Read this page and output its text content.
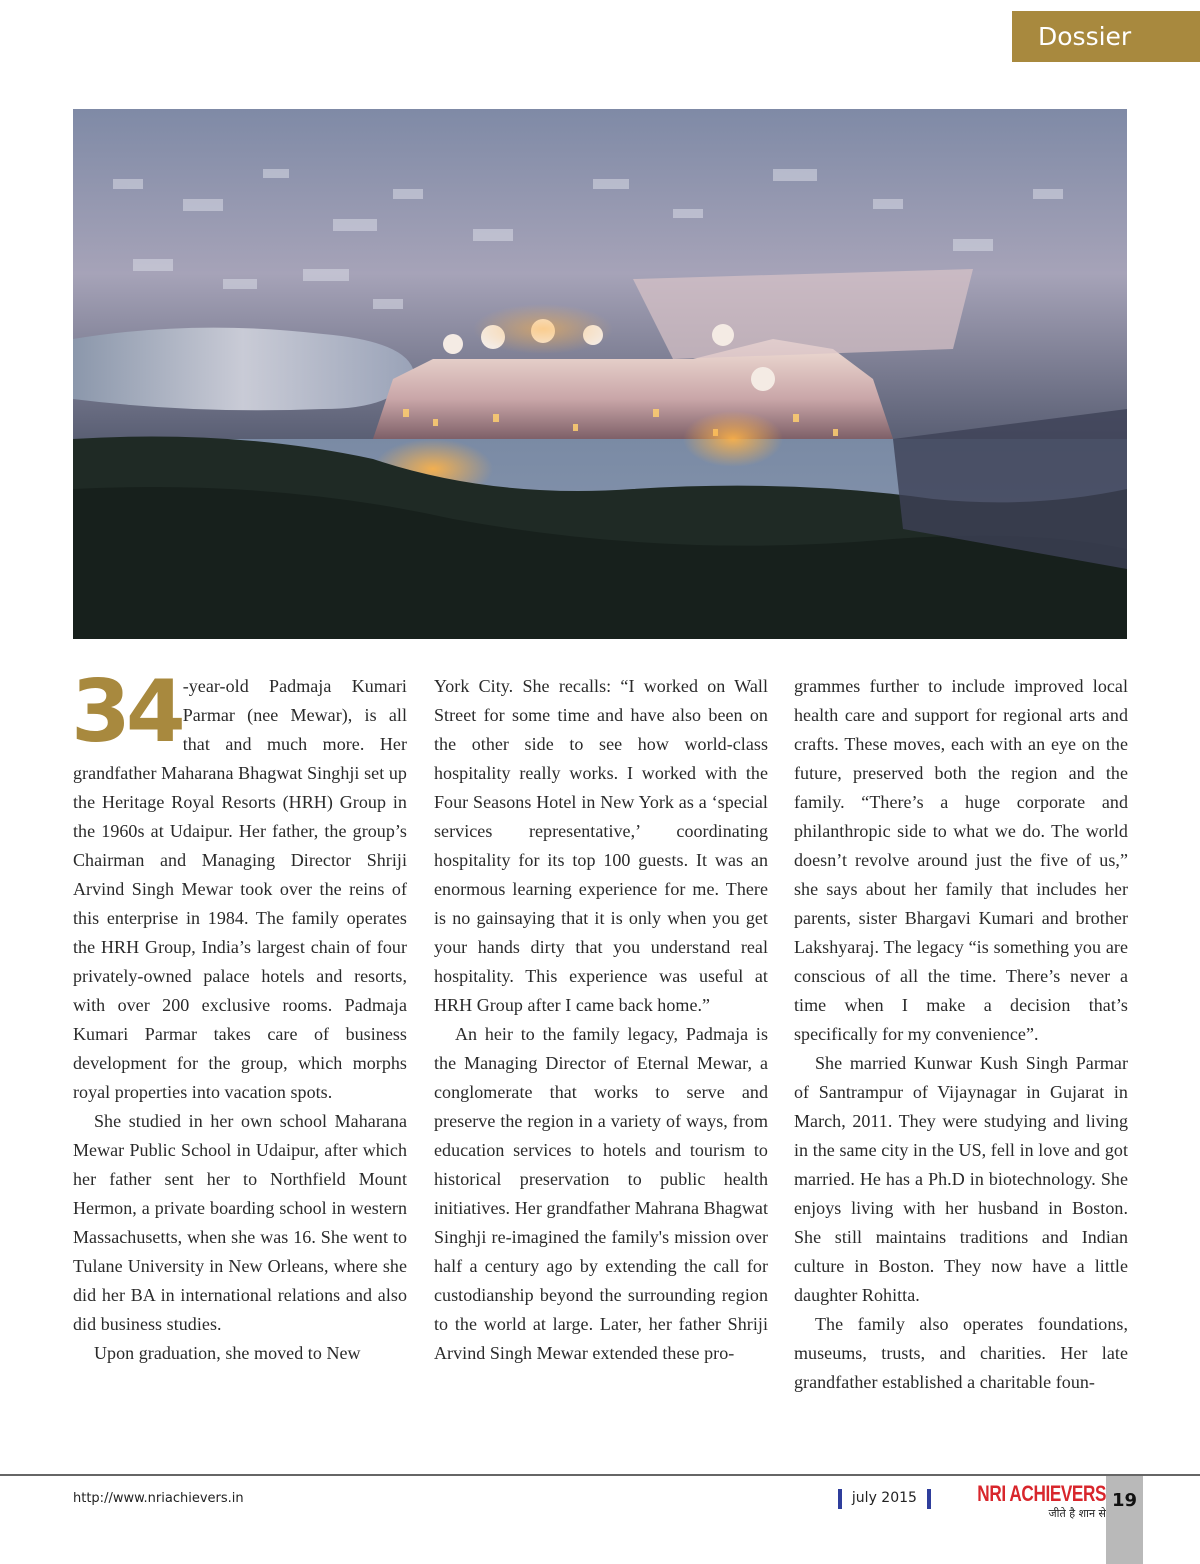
Dossier
34 -year-old Padmaja Kumari Parmar (nee Mewar), is all that and much more. Her grandfather Maharana Bhagwat Singhji set up the Heritage Royal Resorts (HRH) Group in the 1960s at Udaipur. Her father, the group’s Chairman and Managing Director Shriji Arvind Singh Mewar took over the reins of this enterprise in 1984. The family operates the HRH Group, India’s largest chain of four privately-owned palace hotels and resorts, with over 200 exclusive rooms. Padmaja Kumari Parmar takes care of business development for the group, which morphs royal properties into vacation spots.

She studied in her own school Maharana Mewar Public School in Udaipur, after which her father sent her to Northfield Mount Hermon, a private boarding school in western Massachusetts, when she was 16. She went to Tulane University in New Orleans, where she did her BA in international relations and also did business studies.

Upon graduation, she moved to New

York City. She recalls: “I worked on Wall Street for some time and have also been on the other side to see how world-class hospitality really works. I worked with the Four Seasons Hotel in New York as a ‘special services representative,’ coordinating hospitality for its top 100 guests. It was an enormous learning experience for me. There is no gainsaying that it is only when you get your hands dirty that you understand real hospitality. This experience was useful at HRH Group after I came back home.”

An heir to the family legacy, Padmaja is the Managing Director of Eternal Mewar, a conglomerate that works to serve and preserve the region in a variety of ways, from education services to hotels and tourism to historical preservation to public health initiatives. Her grandfather Mahrana Bhagwat Singhji re-imagined the family's mission over half a century ago by extending the call for custodianship beyond the surrounding region to the world at large. Later, her father Shriji Arvind Singh Mewar extended these pro-

grammes further to include improved local health care and support for regional arts and crafts. These moves, each with an eye on the future, preserved both the region and the family. “There’s a huge corporate and philanthropic side to what we do. The world doesn’t revolve around just the five of us,” she says about her family that includes her parents, sister Bhargavi Kumari and brother Lakshyaraj. The legacy “is something you are conscious of all the time. There’s never a time when I make a decision that’s specifically for my convenience”.

She married Kunwar Kush Singh Parmar of Santrampur of Vijaynagar in Gujarat in March, 2011. They were studying and living in the same city in the US, fell in love and got married. He has a Ph.D in biotechnology. She enjoys living with her husband in Boston. She still maintains traditions and Indian culture in Boston. They now have a little daughter Rohitta.

The family also operates foundations, museums, trusts, and charities. Her late grandfather established a charitable foun-

http://www.nriachievers.in	july 2015	NRI ACHIEVERS
जीते है शान से
19
